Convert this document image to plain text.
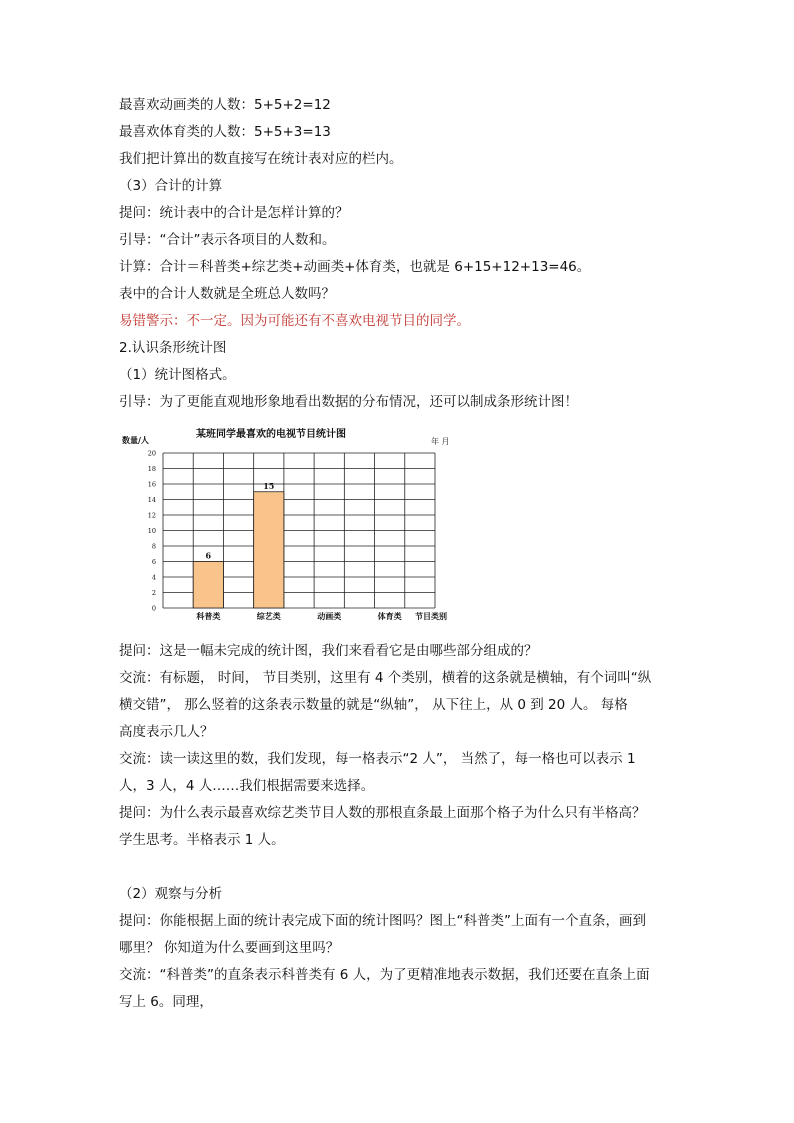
最喜欢动画类的人数：5+5+2=12
最喜欢体育类的人数：5+5+3=13
我们把计算出的数直接写在统计表对应的栏内。
（3）合计的计算
提问：统计表中的合计是怎样计算的？
引导：“合计”表示各项目的人数和。
计算：合计＝科普类+综艺类+动画类+体育类，也就是 6+15+12+13=46。
表中的合计人数就是全班总人数吗？
易错警示：不一定。因为可能还有不喜欢电视节目的同学。
2.认识条形统计图
（1）统计图格式。
引导：为了更能直观地形象地看出数据的分布情况，还可以制成条形统计图！
某班同学最喜欢的电视节目统计图
年 月
数量/人
节目类别
0
2
4
6
8
10
12
14
16
18
20
6
科普类
15
综艺类	动画类	体育类
提问：这是一幅未完成的统计图，我们来看看它是由哪些部分组成的？
交流：有标题， 时间， 节目类别，这里有 4 个类别，横着的这条就是横轴，有个词叫“纵
横交错”， 那么竖着的这条表示数量的就是“纵轴”， 从下往上，从 0 到 20 人。 每格
高度表示几人？
交流：读一读这里的数，我们发现，每一格表示“2 人”， 当然了，每一格也可以表示 1
人，3 人，4 人……我们根据需要来选择。
提问：为什么表示最喜欢综艺类节目人数的那根直条最上面那个格子为什么只有半格高？
学生思考。半格表示 1 人。
（2）观察与分析
提问：你能根据上面的统计表完成下面的统计图吗？图上“科普类”上面有一个直条，画到
哪里？ 你知道为什么要画到这里吗？
交流：“科普类”的直条表示科普类有 6 人，为了更精准地表示数据，我们还要在直条上面
写上 6。同理，
